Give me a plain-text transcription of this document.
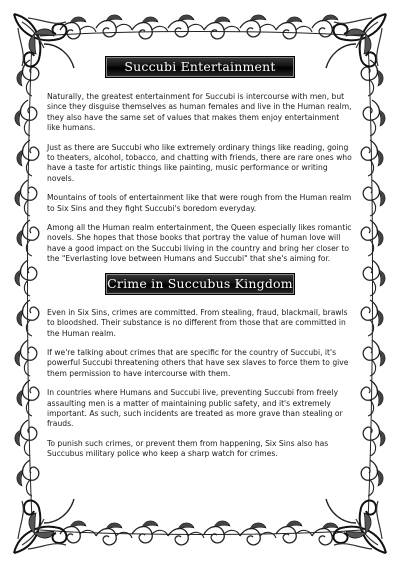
Succubi Entertainment

Naturally, the greatest entertainment for Succubi is intercourse with men, but since they disguise themselves as human females and live in the Human realm, they also have the same set of values that makes them enjoy entertainment like humans.

Just as there are Succubi who like extremely ordinary things like reading, going to theaters, alcohol, tobacco, and chatting with friends, there are rare ones who have a taste for artistic things like painting, music performance or writing novels.

Mountains of tools of entertainment like that were rough from the Human realm to Six Sins and they fight Succubi's boredom everyday.

Among all the Human realm entertainment, the Queen especially likes romantic novels. She hopes that those books that portray the value of human love will have a good impact on the Succubi living in the country and bring her closer to the "Everlasting love between Humans and Succubi" that she's aiming for.

Crime in Succubus Kingdom

Even in Six Sins, crimes are committed. From stealing, fraud, blackmail, brawls to bloodshed. Their substance is no different from those that are committed in the Human realm.

If we're talking about crimes that are specific for the country of Succubi, it's powerful Succubi threatening others that have sex slaves to force them to give them permission to have intercourse with them.

In countries where Humans and Succubi live, preventing Succubi from freely assaulting men is a matter of maintaining public safety, and it's extremely important. As such, such incidents are treated as more grave than stealing or frauds.

To punish such crimes, or prevent them from happening, Six Sins also has Succubus military police who keep a sharp watch for crimes.
